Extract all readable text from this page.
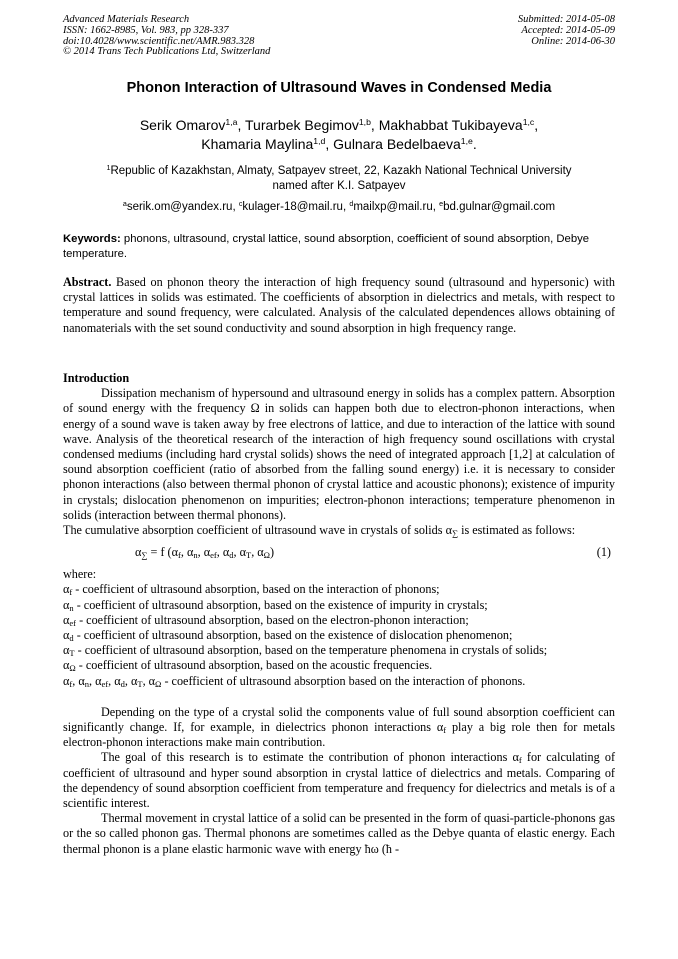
Advanced Materials Research
ISSN: 1662-8985, Vol. 983, pp 328-337
doi:10.4028/www.scientific.net/AMR.983.328
© 2014 Trans Tech Publications Ltd, Switzerland
Submitted: 2014-05-08
Accepted: 2014-05-09
Online: 2014-06-30
Phonon Interaction of Ultrasound Waves in Condensed Media
Serik Omarov$^{1,a}$, Turarbek Begimov$^{1,b}$, Makhabbat Tukibayeva$^{1,c}$,
Khamaria Maylina$^{1,d}$, Gulnara Bedelbaeva$^{1,e}$.
$^1$Republic of Kazakhstan, Almaty, Satpayev street, 22, Kazakh National Technical University
named after K.I. Satpayev
$^a$serik.om@yandex.ru, $^c$kulager-18@mail.ru, $^d$mailxp@mail.ru, $^e$bd.gulnar@gmail.com
Keywords: phonons, ultrasound, crystal lattice, sound absorption, coefficient of sound absorption, Debye temperature.
Abstract. Based on phonon theory the interaction of high frequency sound (ultrasound and hypersonic) with crystal lattices in solids was estimated. The coefficients of absorption in dielectrics and metals, with respect to temperature and sound frequency, were calculated. Analysis of the calculated dependences allows obtaining of nanomaterials with the set sound conductivity and sound absorption in high frequency range.
Introduction

Dissipation mechanism of hypersound and ultrasound energy in solids has a complex pattern. Absorption of sound energy with the frequency Ω in solids can happen both due to electron-phonon interactions, when energy of a sound wave is taken away by free electrons of lattice, and due to interaction of the lattice with sound wave. Analysis of the theoretical research of the interaction of high frequency sound oscillations with crystal condensed mediums (including hard crystal solids) shows the need of integrated approach [1,2] at calculation of sound absorption coefficient (ratio of absorbed from the falling sound energy) i.e. it is necessary to consider phonon interactions (also between thermal phonon of crystal lattice and acoustic phonons); existence of impurity in crystals; dislocation phenomenon on impurities; electron-phonon interactions; temperature phenomenon in solids (interaction between thermal phonons).

The cumulative absorption coefficient of ultrasound wave in crystals of solids $\alpha_\sum$ is estimated as follows:

$\alpha_\sum = f$ ($\alpha_f$, $\alpha_n$, $\alpha_{ef}$, $\alpha_d$, $\alpha_T$, $\alpha_\Omega$)	(1)
where:
$\alpha_f$ - coefficient of ultrasound absorption, based on the interaction of phonons;
$\alpha_n$ - coefficient of ultrasound absorption, based on the existence of impurity in crystals;
$\alpha_{ef}$ - coefficient of ultrasound absorption, based on the electron-phonon interaction;
$\alpha_d$ - coefficient of ultrasound absorption, based on the existence of dislocation phenomenon;
$\alpha_T$ - coefficient of ultrasound absorption, based on the temperature phenomena in crystals of solids;
$\alpha_\Omega$ - coefficient of ultrasound absorption, based on the acoustic frequencies.
$\alpha_f$, $\alpha_n$, $\alpha_{ef}$, $\alpha_d$, $\alpha_T$, $\alpha_\Omega$ - coefficient of ultrasound absorption based on the interaction of phonons.

Depending on the type of a crystal solid the components value of full sound absorption coefficient can significantly change. If, for example, in dielectrics phonon interactions $\alpha_f$ play a big role then for metals electron-phonon interactions make main contribution.

The goal of this research is to estimate the contribution of phonon interactions $\alpha_f$ for calculating of coefficient of ultrasound and hyper sound absorption in crystal lattice of dielectrics and metals. Comparing of the dependency of sound absorption coefficient from temperature and frequency for dielectrics and metals is of a scientific interest.

Thermal movement in crystal lattice of a solid can be presented in the form of quasi-particle-phonons gas or the so called phonon gas. Thermal phonons are sometimes called as the Debye quanta of elastic energy. Each thermal phonon is a plane elastic harmonic wave with energy ħω (ħ -
